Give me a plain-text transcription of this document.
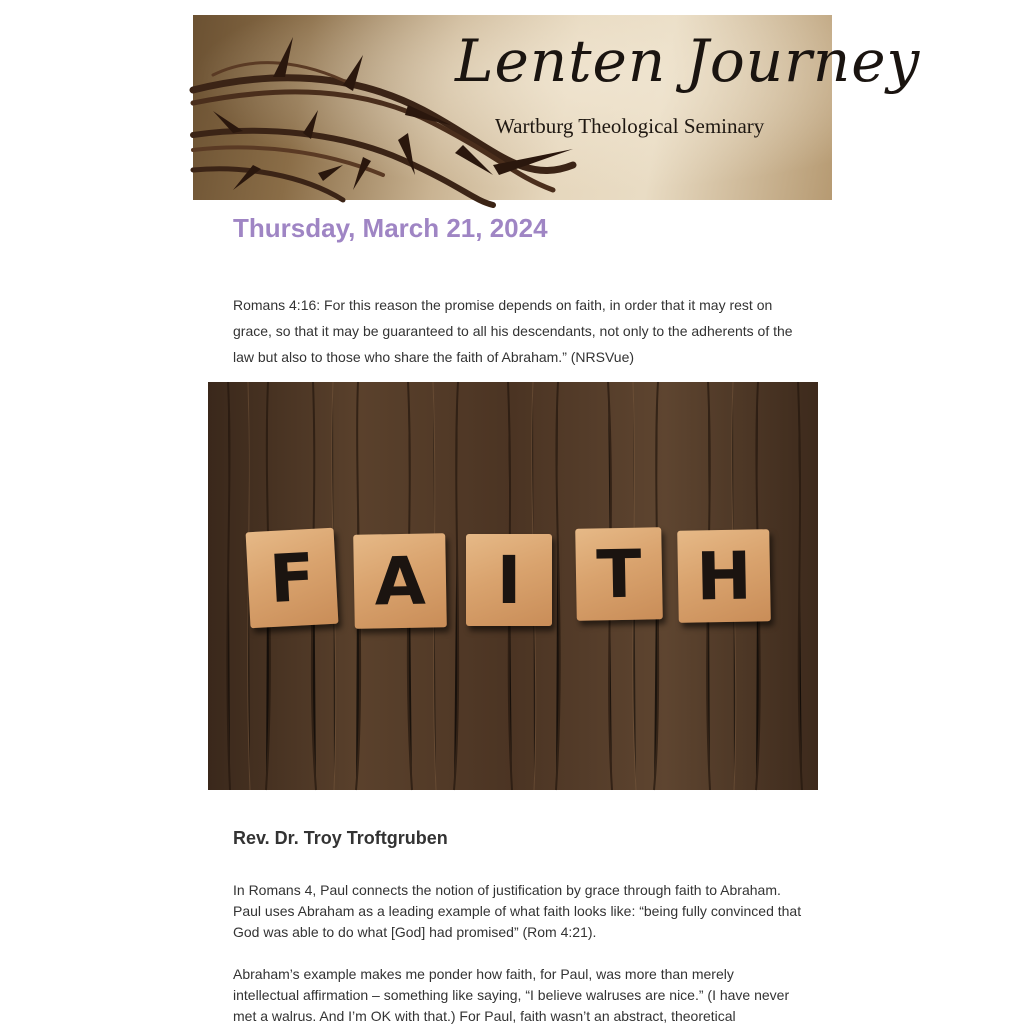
Lenten Journey
Wartburg Theological Seminary
Thursday, March 21, 2024

Romans 4:16: For this reason the promise depends on faith, in order that it may rest on grace, so that it may be guaranteed to all his descendants, not only to the adherents of the law but also to those who share the faith of Abraham.” (NRSVue)

F A	I	T H
Rev. Dr. Troy Troftgruben

In Romans 4, Paul connects the notion of justification by grace through faith to Abraham. Paul uses Abraham as a leading example of what faith looks like: “being fully convinced that God was able to do what [God] had promised” (Rom 4:21).

Abraham’s example makes me ponder how faith, for Paul, was more than merely intellectual affirmation – something like saying, “I believe walruses are nice.” (I have never met a walrus. And I’m OK with that.) For Paul, faith wasn’t an abstract, theoretical
